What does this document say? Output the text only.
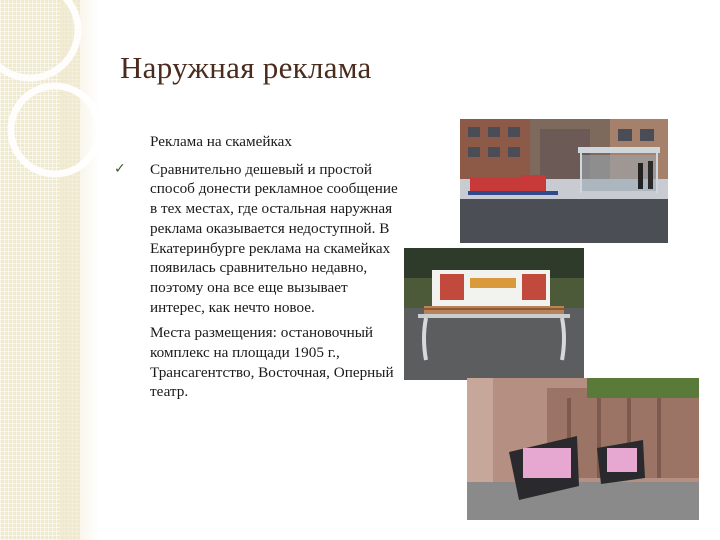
Наружная реклама

Реклама на скамейках

✓ Сравнительно дешевый и простой способ донести рекламное сообщение в тех местах, где остальная наружная реклама оказывается недоступной. В Екатеринбурге реклама на скамейках появилась сравнительно недавно, поэтому она все еще вызывает интерес, как нечто новое.

Места размещения: остановочный комплекс на площади 1905 г., Трансагентство, Восточная, Оперный театр.
